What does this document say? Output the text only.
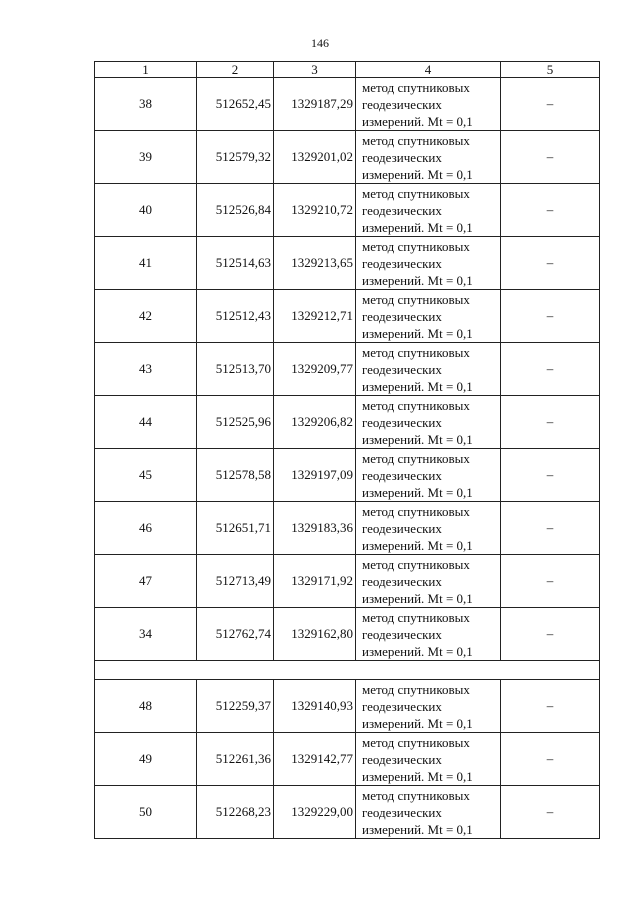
146
1	2	3	4	5
38	512652,45	1329187,29	метод спутниковых
геодезических
измерений. Mt = 0,1	–
39	512579,32	1329201,02	метод спутниковых
геодезических
измерений. Mt = 0,1	–
40	512526,84	1329210,72	метод спутниковых
геодезических
измерений. Mt = 0,1	–
41	512514,63	1329213,65	метод спутниковых
геодезических
измерений. Mt = 0,1	–
42	512512,43	1329212,71	метод спутниковых
геодезических
измерений. Mt = 0,1	–
43	512513,70	1329209,77	метод спутниковых
геодезических
измерений. Mt = 0,1	–
44	512525,96	1329206,82	метод спутниковых
геодезических
измерений. Mt = 0,1	–
45	512578,58	1329197,09	метод спутниковых
геодезических
измерений. Mt = 0,1	–
46	512651,71	1329183,36	метод спутниковых
геодезических
измерений. Mt = 0,1	–
47	512713,49	1329171,92	метод спутниковых
геодезических
измерений. Mt = 0,1	–
34	512762,74	1329162,80	метод спутниковых
геодезических
измерений. Mt = 0,1	–

48	512259,37	1329140,93	метод спутниковых
геодезических
измерений. Mt = 0,1	–
49	512261,36	1329142,77	метод спутниковых
геодезических
измерений. Mt = 0,1	–
50	512268,23	1329229,00	метод спутниковых
геодезических
измерений. Mt = 0,1	–
